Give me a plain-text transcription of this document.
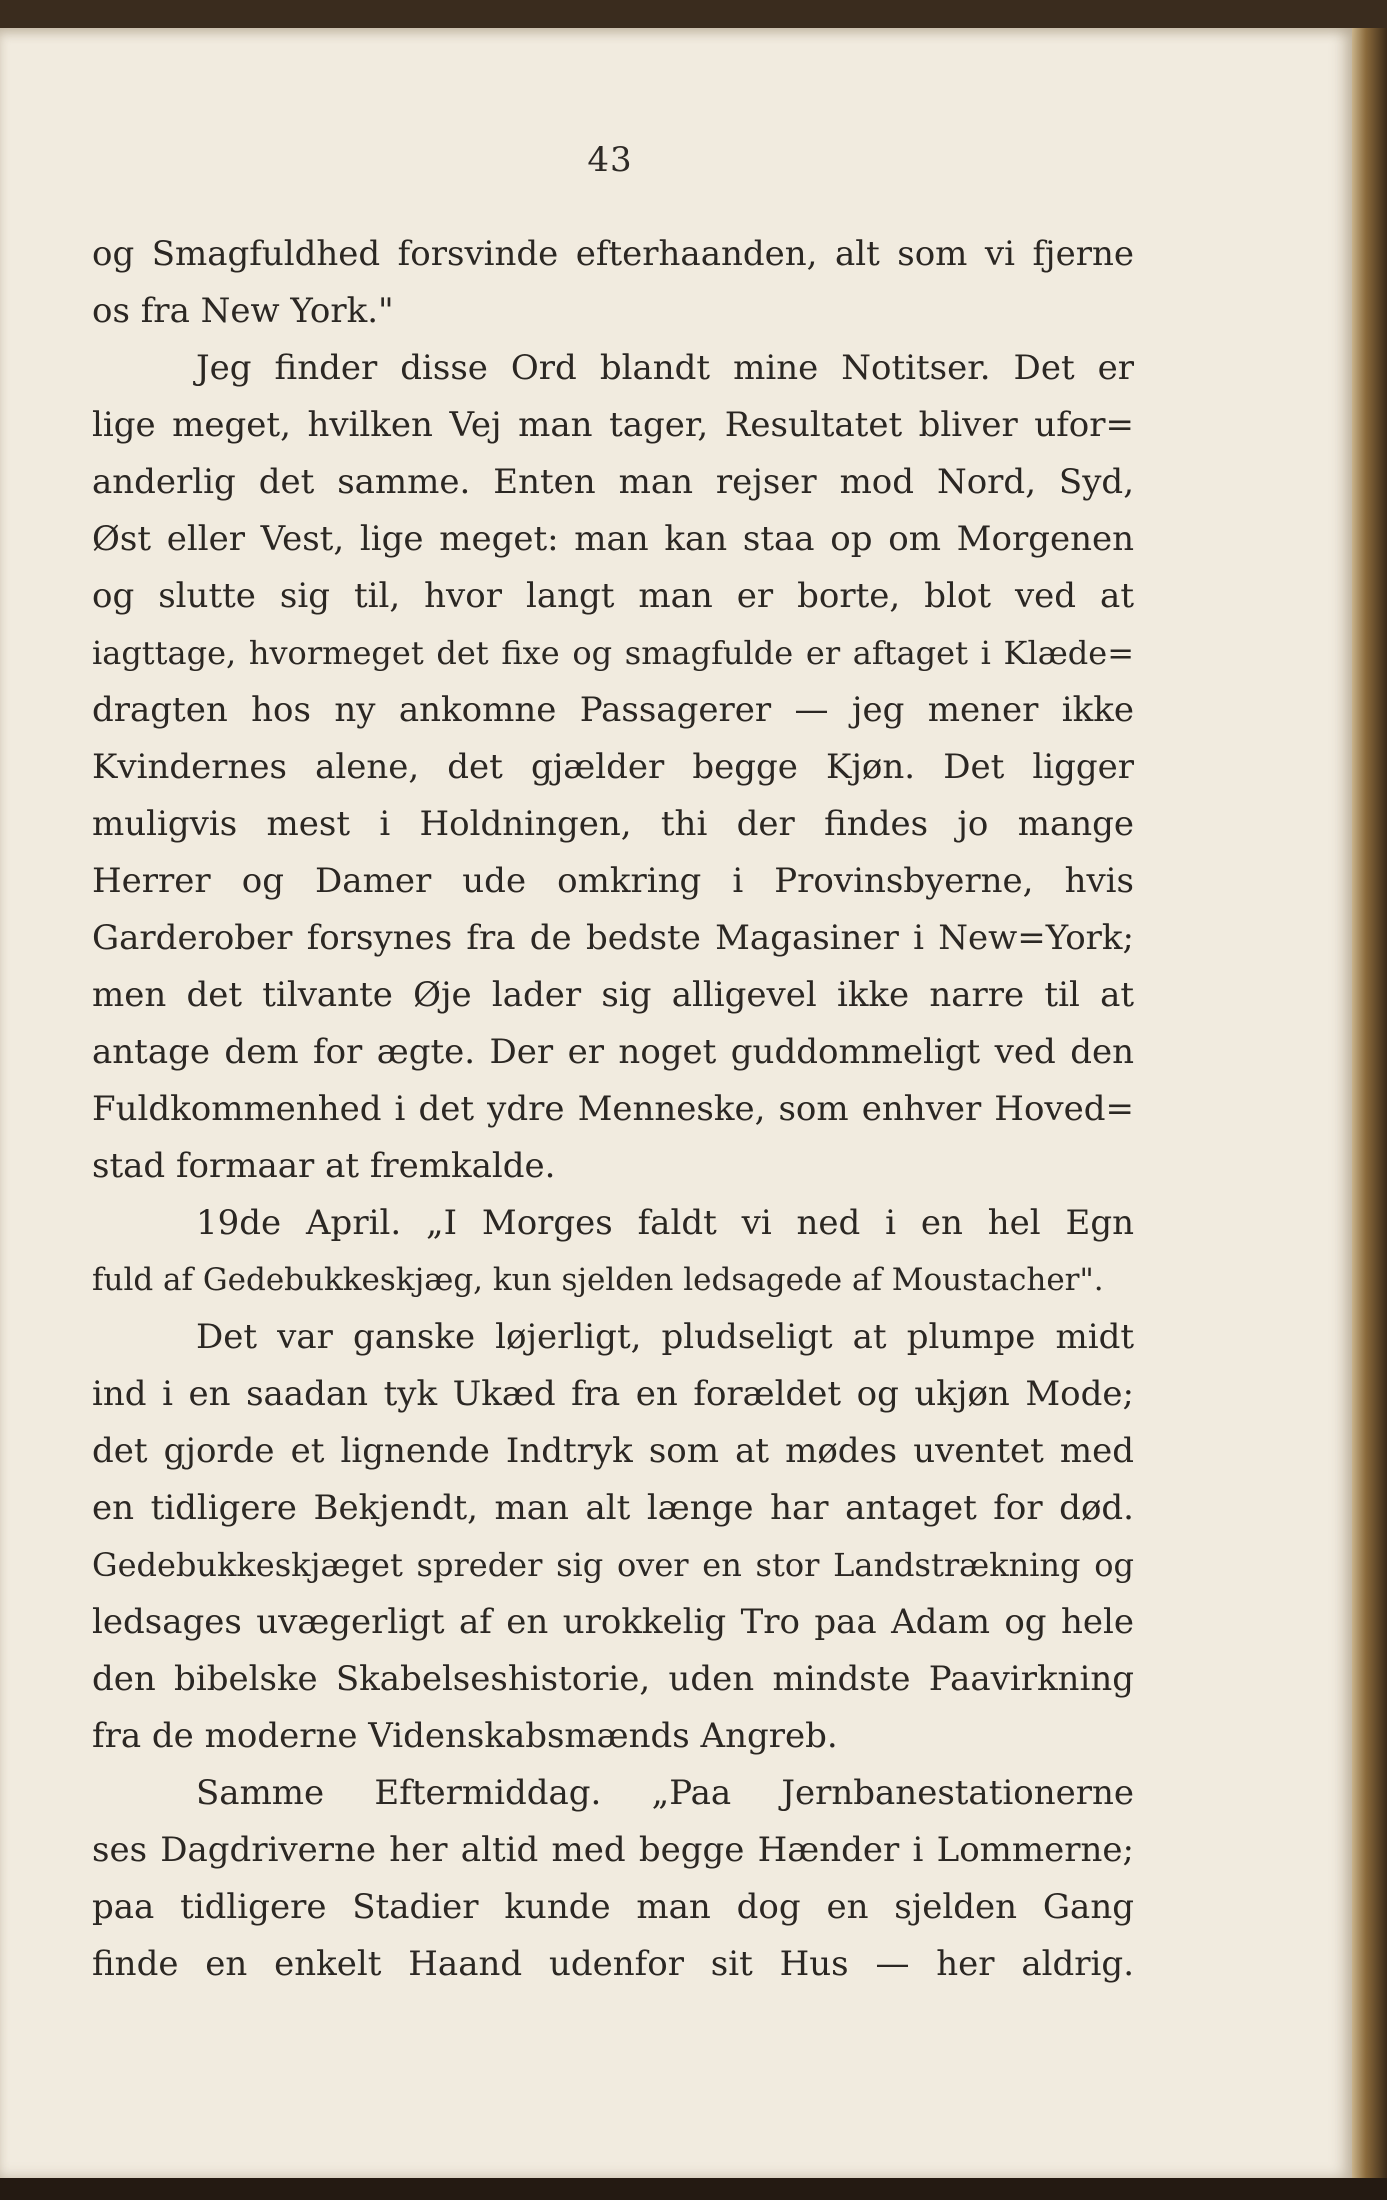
43
og Smagfuldhed forsvinde efterhaanden, alt som vi fjerne
os fra New York."
Jeg finder disse Ord blandt mine Notitser. Det er
lige meget, hvilken Vej man tager, Resultatet bliver ufor=
anderlig det samme. Enten man rejser mod Nord, Syd,
Øst eller Vest, lige meget: man kan staa op om Morgenen
og slutte sig til, hvor langt man er borte, blot ved at
iagttage, hvormeget det fixe og smagfulde er aftaget i Klæde=
dragten hos ny ankomne Passagerer — jeg mener ikke
Kvindernes alene, det gjælder begge Kjøn. Det ligger
muligvis mest i Holdningen, thi der findes jo mange
Herrer og Damer ude omkring i Provinsbyerne, hvis
Garderober forsynes fra de bedste Magasiner i New=York;
men det tilvante Øje lader sig alligevel ikke narre til at
antage dem for ægte. Der er noget guddommeligt ved den
Fuldkommenhed i det ydre Menneske, som enhver Hoved=
stad formaar at fremkalde.
19de April. „I Morges faldt vi ned i en hel Egn
fuld af Gedebukkeskjæg, kun sjelden ledsagede af Moustacher".
Det var ganske løjerligt, pludseligt at plumpe midt
ind i en saadan tyk Ukæd fra en forældet og ukjøn Mode;
det gjorde et lignende Indtryk som at mødes uventet med
en tidligere Bekjendt, man alt længe har antaget for død.
Gedebukkeskjæget spreder sig over en stor Landstrækning og
ledsages uvægerligt af en urokkelig Tro paa Adam og hele
den bibelske Skabelseshistorie, uden mindste Paavirkning
fra de moderne Videnskabsmænds Angreb.
Samme Eftermiddag. „Paa Jernbanestationerne
ses Dagdriverne her altid med begge Hænder i Lommerne;
paa tidligere Stadier kunde man dog en sjelden Gang
finde en enkelt Haand udenfor sit Hus — her aldrig.
